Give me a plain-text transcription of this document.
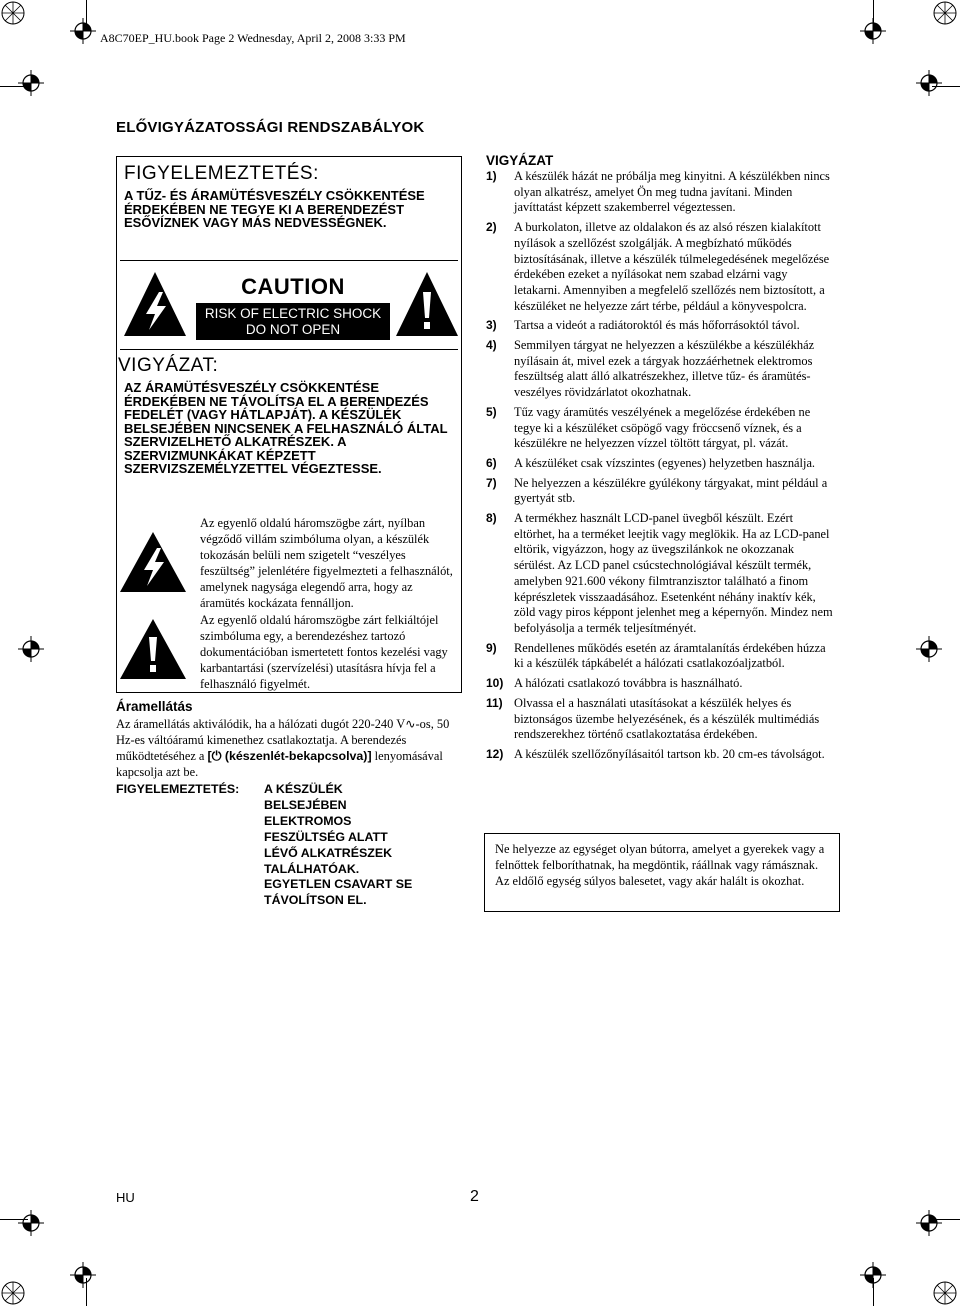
A8C70EP_HU.book Page 2 Wednesday, April 2, 2008 3:33 PM
ELŐVIGYÁZATOSSÁGI RENDSZABÁLYOK
FIGYELEMEZTETÉS:
A TŰZ- ÉS ÁRAMÜTÉSVESZÉLY CSÖKKENTÉSE ÉRDEKÉBEN NE TEGYE KI A BERENDEZÉST ESŐVÍZNEK VAGY MÁS NEDVESSÉGNEK.
CAUTION
RISK OF ELECTRIC SHOCK
DO NOT OPEN
VIGYÁZAT:
AZ ÁRAMÜTÉSVESZÉLY CSÖKKENTÉSE ÉRDEKÉBEN NE TÁVOLÍTSA EL A BERENDEZÉS FEDELÉT (VAGY HÁTLAPJÁT). A KÉSZÜLÉK BELSEJÉBEN NINCSENEK A FELHASZNÁLÓ ÁLTAL SZERVIZELHETŐ ALKATRÉSZEK. A SZERVIZMUNKÁKAT KÉPZETT SZERVIZSZEMÉLYZETTEL VÉGEZTESSE.
Az egyenlő oldalú háromszögbe zárt, nyílban végződő villám szimbóluma olyan, a készülék tokozásán belüli nem szigetelt “veszélyes feszültség” jelenlétére figyelmezteti a felhasználót, amelynek nagysága elegendő arra, hogy az áramütés kockázata fennálljon.
Az egyenlő oldalú háromszögbe zárt felkiáltójel szimbóluma egy, a berendezéshez tartozó dokumentációban ismertetett fontos kezelési vagy karbantartási (szervízelési) utasításra hívja fel a felhasználó figyelmét.
Áramellátás
Az áramellátás aktiválódik, ha a hálózati dugót 220-240 V∿-os, 50 Hz-es váltóáramú kimenethez csatlakoztatja. A berendezés működtetéséhez a [⏻ (készenlét-bekapcsolva)] lenyomásával kapcsolja azt be.
FIGYELEMEZTETÉS: A KÉSZÜLÉK
BELSEJÉBEN
ELEKTROMOS
FESZÜLTSÉG ALATT
LÉVŐ ALKATRÉSZEK
TALÁLHATÓAK.
EGYETLEN CSAVART SE
TÁVOLÍTSON EL.
VIGYÁZAT
1) A készülék házát ne próbálja meg kinyitni. A készülékben nincs olyan alkatrész, amelyet Ön meg tudna javítani. Minden javíttatást képzett szakemberrel végeztessen.
2) A burkolaton, illetve az oldalakon és az alsó részen kialakított nyílások a szellőzést szolgálják. A megbízható működés biztosításának, illetve a készülék túlmelegedésének megelőzése érdekében ezeket a nyílásokat nem szabad elzárni vagy letakarni. Amennyiben a megfelelő szellőzés nem biztosított, a készüléket ne helyezze zárt térbe, például a könyvespolcra.
3) Tartsa a videót a radiátoroktól és más hőforrásoktól távol.
4) Semmilyen tárgyat ne helyezzen a készülékbe a készülékház nyílásain át, mivel ezek a tárgyak hozzáérhetnek elektromos feszültség alatt álló alkatrészekhez, illetve tűz- és áramütés-veszélyes rövidzárlatot okozhatnak.
5) Tűz vagy áramütés veszélyének a megelőzése érdekében ne tegye ki a készüléket csöpögő vagy fröccsenő víznek, és a készülékre ne helyezzen vízzel töltött tárgyat, pl. vázát.
6) A készüléket csak vízszintes (egyenes) helyzetben használja.
7) Ne helyezzen a készülékre gyúlékony tárgyakat, mint például a gyertyát stb.
8) A termékhez használt LCD-panel üvegből készült. Ezért eltörhet, ha a terméket leejtik vagy meglökik. Ha az LCD-panel eltörik, vigyázzon, hogy az üvegszilánkok ne okozzanak sérülést. Az LCD panel csúcstechnológiával készült termék, amelyben 921.600 vékony filmtranzisztor található a finom képrészletek visszaadásához. Esetenként néhány inaktív kék, zöld vagy piros képpont jelenhet meg a képernyőn. Mindez nem befolyásolja a termék teljesítményét.
9) Rendellenes működés esetén az áramtalanítás érdekében húzza ki a készülék tápkábelét a hálózati csatlakozóaljzatból.
10) A hálózati csatlakozó továbbra is használható.
11) Olvassa el a használati utasításokat a készülék helyes és biztonságos üzembe helyezésének, és a készülék multimédiás rendszerekhez történő csatlakoztatása érdekében.
12) A készülék szellőzőnyílásaitól tartson kb. 20 cm-es távolságot.
Ne helyezze az egységet olyan bútorra, amelyet a gyerekek vagy a felnőttek felboríthatnak, ha megdöntik, ráállnak vagy rámásznak. Az eldőlő egység súlyos balesetet, vagy akár halált is okozhat.
HU	2
